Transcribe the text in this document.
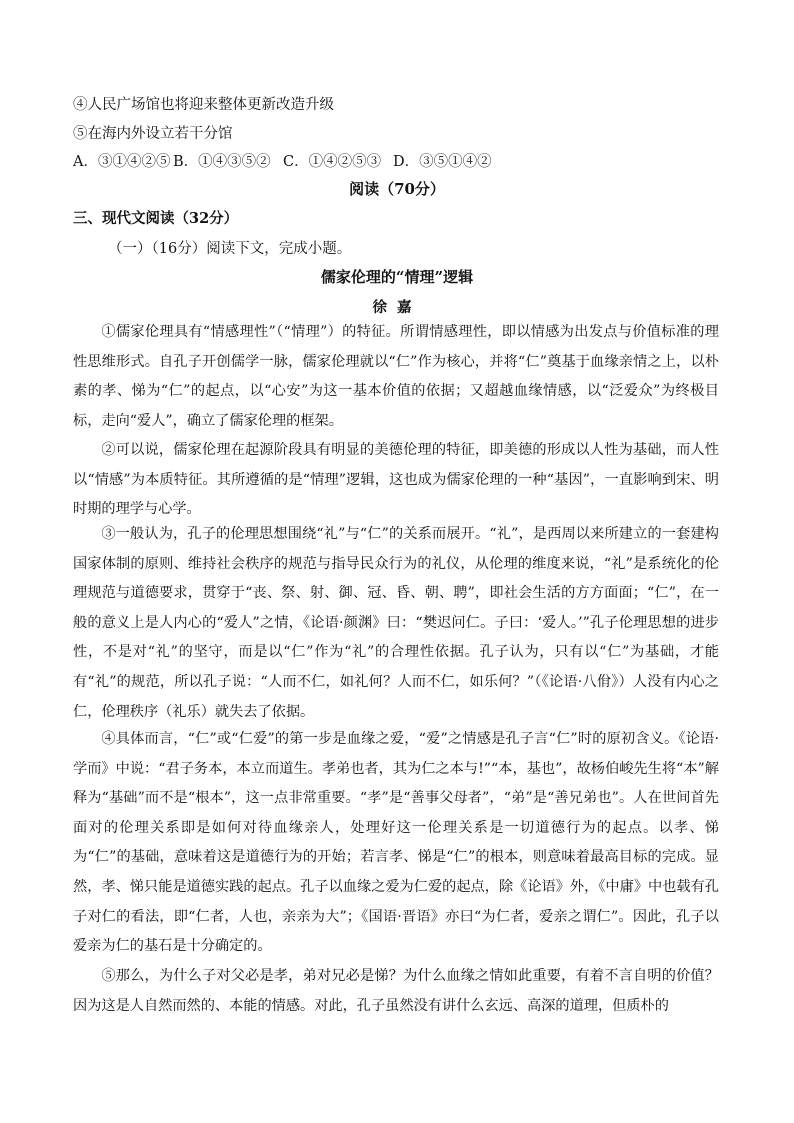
④人民广场馆也将迎来整体更新改造升级
⑤在海内外设立若干分馆
A．③①④②⑤ B．①④③⑤② C．①④②⑤③ D．③⑤①④②
阅读（70分）
三、现代文阅读（32分）
（一）（16分）阅读下文，完成小题。
儒家伦理的“情理”逻辑
徐嘉

①儒家伦理具有“情感理性”（“情理”）的特征。所谓情感理性，即以情感为出发点与价值标准的理性思维形式。自孔子开创儒学一脉，儒家伦理就以“仁”作为核心，并将“仁”奠基于血缘亲情之上，以朴素的孝、悌为“仁”的起点，以“心安”为这一基本价值的依据；又超越血缘情感，以“泛爱众”为终极目标，走向“爱人”，确立了儒家伦理的框架。

②可以说，儒家伦理在起源阶段具有明显的美德伦理的特征，即美德的形成以人性为基础，而人性以“情感”为本质特征。其所遵循的是“情理”逻辑，这也成为儒家伦理的一种“基因”，一直影响到宋、明时期的理学与心学。

③一般认为，孔子的伦理思想围绕“礼”与“仁”的关系而展开。“礼”，是西周以来所建立的一套建构国家体制的原则、维持社会秩序的规范与指导民众行为的礼仪，从伦理的维度来说，“礼”是系统化的伦理规范与道德要求，贯穿于“丧、祭、射、御、冠、昏、朝、聘”，即社会生活的方方面面；“仁”，在一般的意义上是人内心的“爱人”之情，《论语·颜渊》曰：“樊迟问仁。子曰：‘爱人。’”孔子伦理思想的进步性，不是对“礼”的坚守，而是以“仁”作为“礼”的合理性依据。孔子认为，只有以“仁”为基础，才能有“礼”的规范，所以孔子说：“人而不仁，如礼何？人而不仁，如乐何？”（《论语·八佾》）人没有内心之仁，伦理秩序（礼乐）就失去了依据。

④具体而言，“仁”或“仁爱”的第一步是血缘之爱，“爱”之情感是孔子言“仁”时的原初含义。《论语·学而》中说：“君子务本，本立而道生。孝弟也者，其为仁之本与!”“本，基也”，故杨伯峻先生将“本”解释为“基础”而不是“根本”，这一点非常重要。“孝”是“善事父母者”，“弟”是“善兄弟也”。人在世间首先面对的伦理关系即是如何对待血缘亲人，处理好这一伦理关系是一切道德行为的起点。以孝、悌为“仁”的基础，意味着这是道德行为的开始；若言孝、悌是“仁”的根本，则意味着最高目标的完成。显然，孝、悌只能是道德实践的起点。孔子以血缘之爱为仁爱的起点，除《论语》外，《中庸》中也载有孔子对仁的看法，即“仁者，人也，亲亲为大”；《国语·晋语》亦曰“为仁者，爱亲之谓仁”。因此，孔子以爱亲为仁的基石是十分确定的。

⑤那么，为什么子对父必是孝，弟对兄必是悌？为什么血缘之情如此重要，有着不言自明的价值？因为这是人自然而然的、本能的情感。对此，孔子虽然没有讲什么玄远、高深的道理，但质朴的
